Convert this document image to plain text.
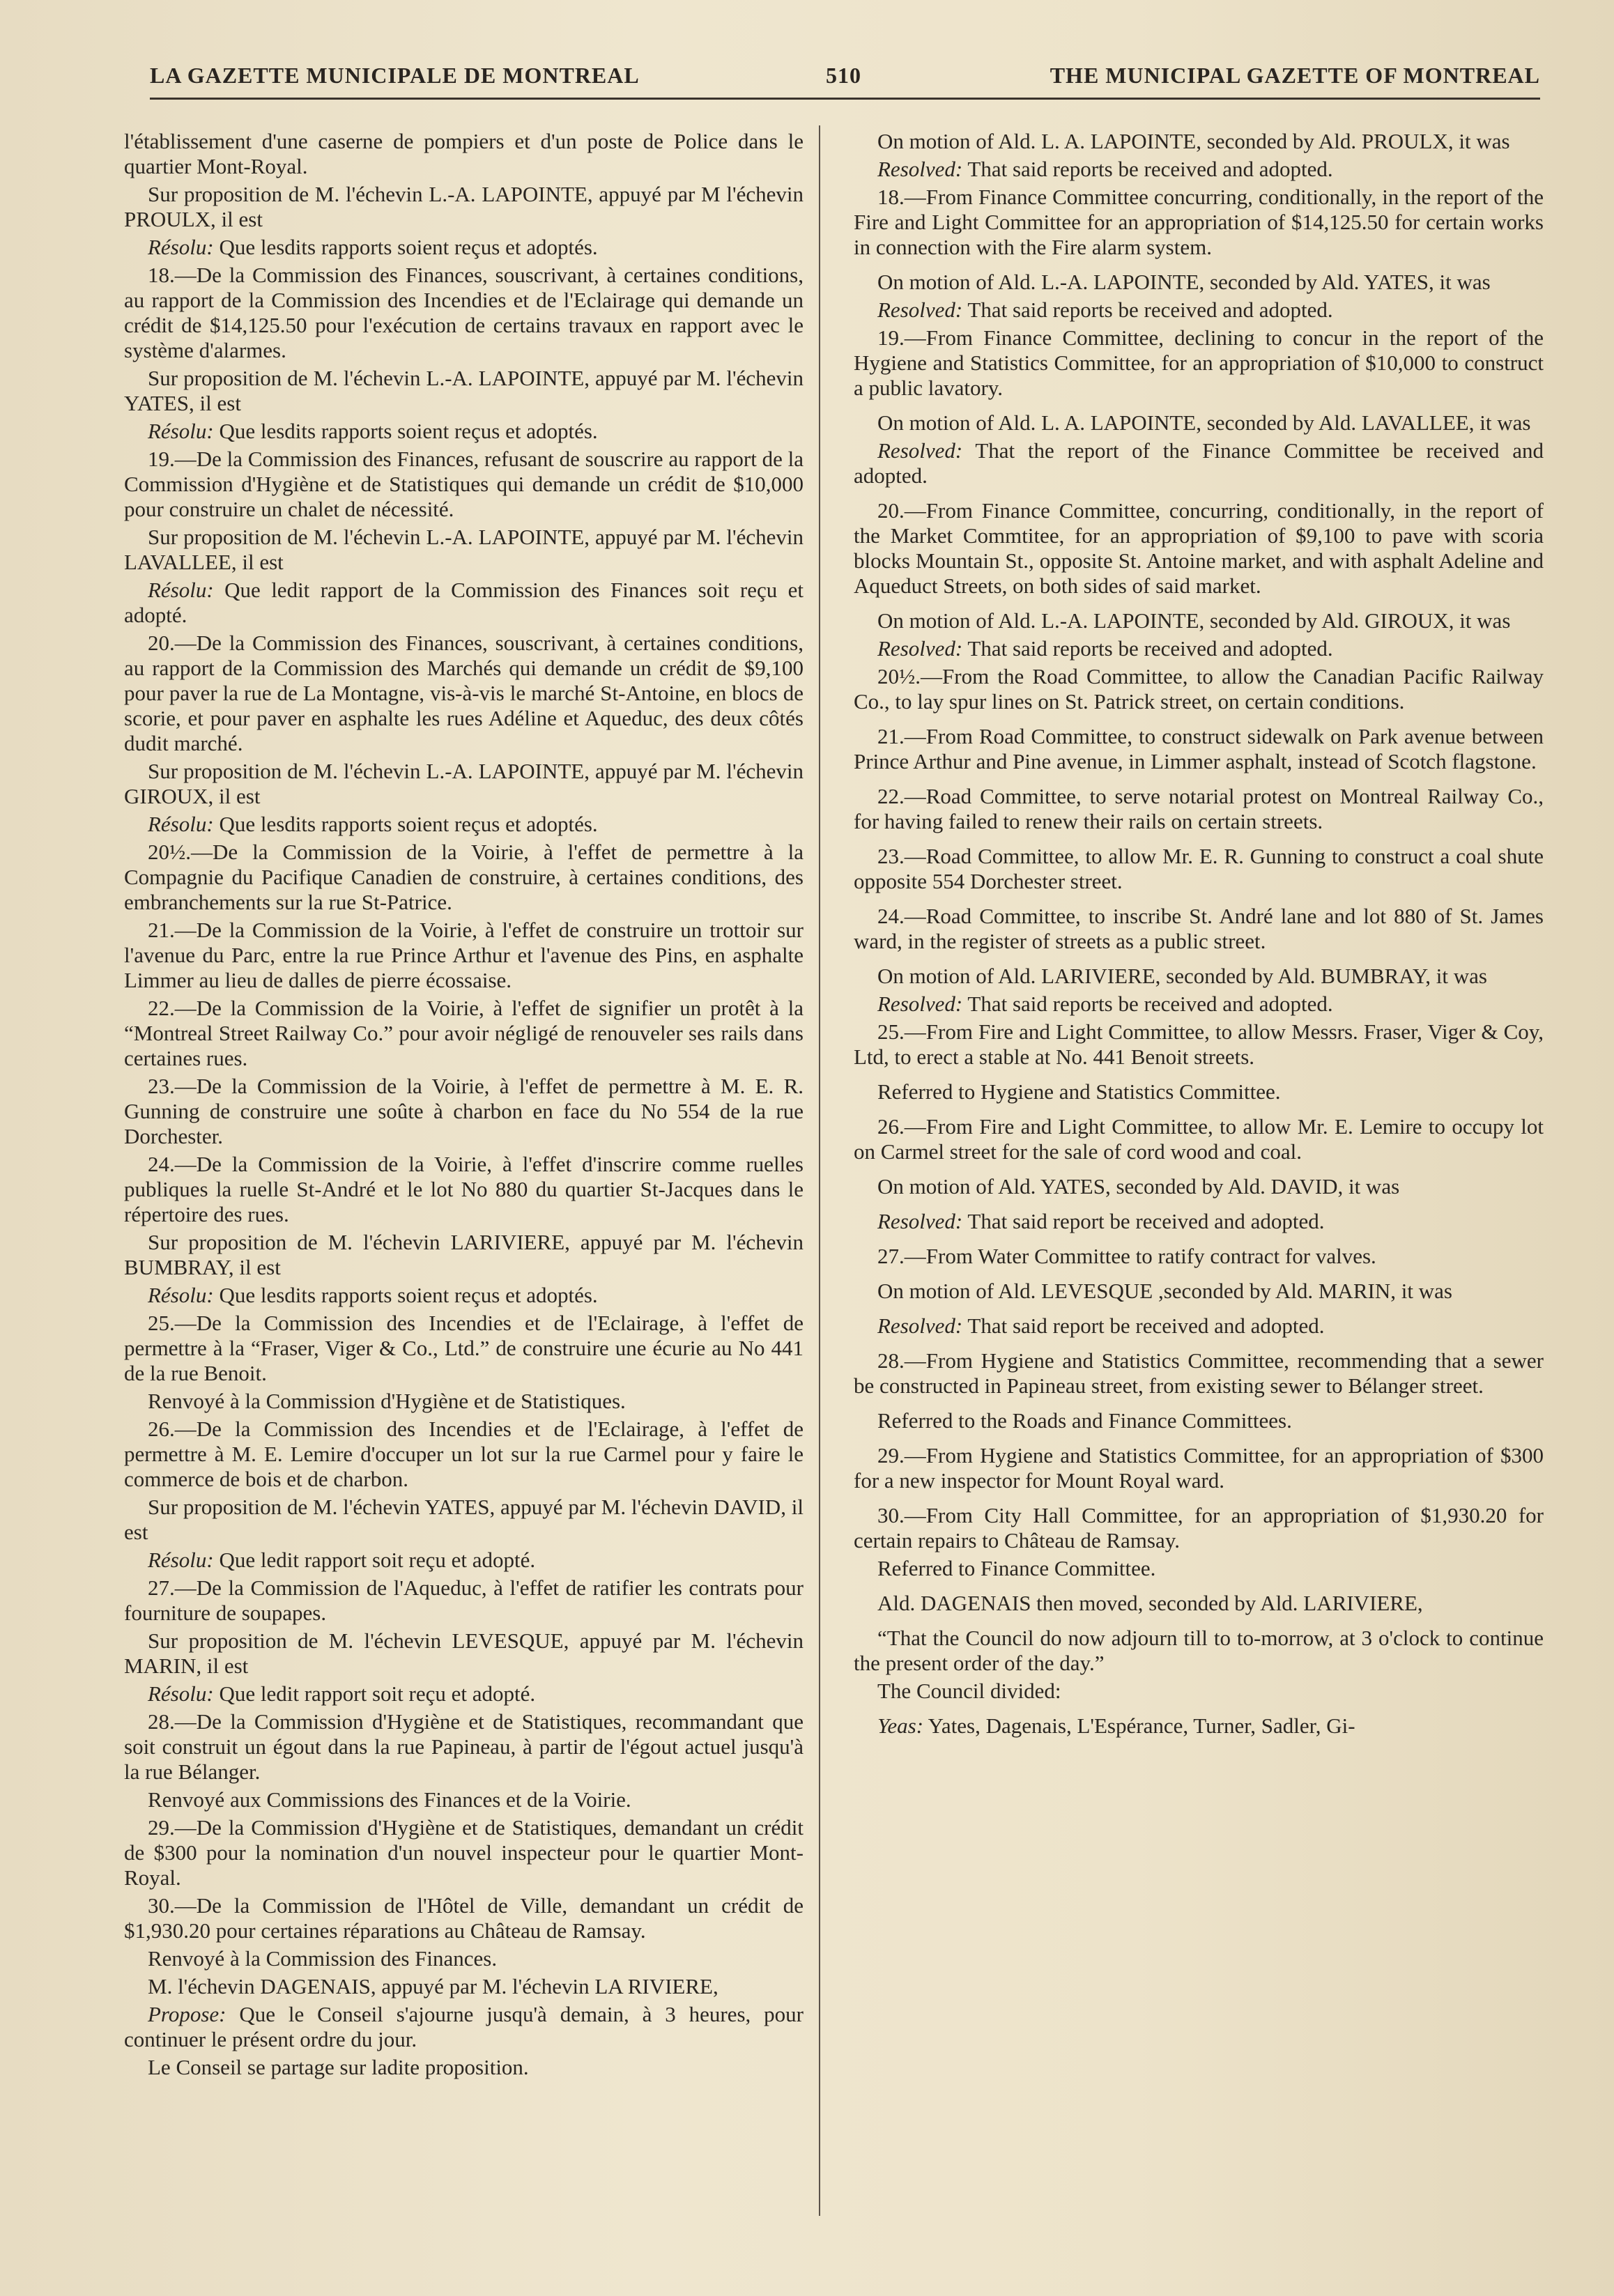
LA GAZETTE MUNICIPALE DE MONTREAL	510	THE MUNICIPAL GAZETTE OF MONTREAL

l'établissement d'une caserne de pompiers et d'un poste de Police dans le quartier Mont-Royal.

Sur proposition de M. l'échevin L.-A. LAPOINTE, appuyé par M l'échevin PROULX, il est

Résolu: Que lesdits rapports soient reçus et adoptés.

18.—De la Commission des Finances, souscrivant, à certaines conditions, au rapport de la Commission des Incendies et de l'Eclairage qui demande un crédit de $14,125.50 pour l'exécution de certains travaux en rapport avec le système d'alarmes.

Sur proposition de M. l'échevin L.-A. LAPOINTE, appuyé par M. l'échevin YATES, il est

Résolu: Que lesdits rapports soient reçus et adoptés.

19.—De la Commission des Finances, refusant de souscrire au rapport de la Commission d'Hygiène et de Statistiques qui demande un crédit de $10,000 pour construire un chalet de nécessité.

Sur proposition de M. l'échevin L.-A. LAPOINTE, appuyé par M. l'échevin LAVALLEE, il est

Résolu: Que ledit rapport de la Commission des Finances soit reçu et adopté.

20.—De la Commission des Finances, souscrivant, à certaines conditions, au rapport de la Commission des Marchés qui demande un crédit de $9,100 pour paver la rue de La Montagne, vis-à-vis le marché St-Antoine, en blocs de scorie, et pour paver en asphalte les rues Adéline et Aqueduc, des deux côtés dudit marché.

Sur proposition de M. l'échevin L.-A. LAPOINTE, appuyé par M. l'échevin GIROUX, il est

Résolu: Que lesdits rapports soient reçus et adoptés.

20½.—De la Commission de la Voirie, à l'effet de permettre à la Compagnie du Pacifique Canadien de construire, à certaines conditions, des embranchements sur la rue St-Patrice.

21.—De la Commission de la Voirie, à l'effet de construire un trottoir sur l'avenue du Parc, entre la rue Prince Arthur et l'avenue des Pins, en asphalte Limmer au lieu de dalles de pierre écossaise.

22.—De la Commission de la Voirie, à l'effet de signifier un protêt à la “Montreal Street Railway Co.” pour avoir négligé de renouveler ses rails dans certaines rues.

23.—De la Commission de la Voirie, à l'effet de permettre à M. E. R. Gunning de construire une soûte à charbon en face du No 554 de la rue Dorchester.

24.—De la Commission de la Voirie, à l'effet d'inscrire comme ruelles publiques la ruelle St-André et le lot No 880 du quartier St-Jacques dans le répertoire des rues.

Sur proposition de M. l'échevin LARIVIERE, appuyé par M. l'échevin BUMBRAY, il est

Résolu: Que lesdits rapports soient reçus et adoptés.

25.—De la Commission des Incendies et de l'Eclairage, à l'effet de permettre à la “Fraser, Viger & Co., Ltd.” de construire une écurie au No 441 de la rue Benoit.

Renvoyé à la Commission d'Hygiène et de Statistiques.

26.—De la Commission des Incendies et de l'Eclairage, à l'effet de permettre à M. E. Lemire d'occuper un lot sur la rue Carmel pour y faire le commerce de bois et de charbon.

Sur proposition de M. l'échevin YATES, appuyé par M. l'échevin DAVID, il est

Résolu: Que ledit rapport soit reçu et adopté.

27.—De la Commission de l'Aqueduc, à l'effet de ratifier les contrats pour fourniture de soupapes.

Sur proposition de M. l'échevin LEVESQUE, appuyé par M. l'échevin MARIN, il est

Résolu: Que ledit rapport soit reçu et adopté.

28.—De la Commission d'Hygiène et de Statistiques, recommandant que soit construit un égout dans la rue Papineau, à partir de l'égout actuel jusqu'à la rue Bélanger.

Renvoyé aux Commissions des Finances et de la Voirie.

29.—De la Commission d'Hygiène et de Statistiques, demandant un crédit de $300 pour la nomination d'un nouvel inspecteur pour le quartier Mont-Royal.

30.—De la Commission de l'Hôtel de Ville, demandant un crédit de $1,930.20 pour certaines réparations au Château de Ramsay.

Renvoyé à la Commission des Finances.

M. l'échevin DAGENAIS, appuyé par M. l'échevin LA RIVIERE,

Propose: Que le Conseil s'ajourne jusqu'à demain, à 3 heures, pour continuer le présent ordre du jour.

Le Conseil se partage sur ladite proposition.

On motion of Ald. L. A. LAPOINTE, seconded by Ald. PROULX, it was

Resolved: That said reports be received and adopted.

18.—From Finance Committee concurring, conditionally, in the report of the Fire and Light Committee for an appropriation of $14,125.50 for certain works in connection with the Fire alarm system.

On motion of Ald. L.-A. LAPOINTE, seconded by Ald. YATES, it was

Resolved: That said reports be received and adopted.

19.—From Finance Committee, declining to concur in the report of the Hygiene and Statistics Committee, for an appropriation of $10,000 to construct a public lavatory.

On motion of Ald. L. A. LAPOINTE, seconded by Ald. LAVALLEE, it was

Resolved: That the report of the Finance Committee be received and adopted.

20.—From Finance Committee, concurring, conditionally, in the report of the Market Commtitee, for an appropriation of $9,100 to pave with scoria blocks Mountain St., opposite St. Antoine market, and with asphalt Adeline and Aqueduct Streets, on both sides of said market.

On motion of Ald. L.-A. LAPOINTE, seconded by Ald. GIROUX, it was

Resolved: That said reports be received and adopted.

20½.—From the Road Committee, to allow the Canadian Pacific Railway Co., to lay spur lines on St. Patrick street, on certain conditions.

21.—From Road Committee, to construct sidewalk on Park avenue between Prince Arthur and Pine avenue, in Limmer asphalt, instead of Scotch flagstone.

22.—Road Committee, to serve notarial protest on Montreal Railway Co., for having failed to renew their rails on certain streets.

23.—Road Committee, to allow Mr. E. R. Gunning to construct a coal shute opposite 554 Dorchester street.

24.—Road Committee, to inscribe St. André lane and lot 880 of St. James ward, in the register of streets as a public street.

On motion of Ald. LARIVIERE, seconded by Ald. BUMBRAY, it was

Resolved: That said reports be received and adopted.

25.—From Fire and Light Committee, to allow Messrs. Fraser, Viger & Coy, Ltd, to erect a stable at No. 441 Benoit streets.

Referred to Hygiene and Statistics Committee.

26.—From Fire and Light Committee, to allow Mr. E. Lemire to occupy lot on Carmel street for the sale of cord wood and coal.

On motion of Ald. YATES, seconded by Ald. DAVID, it was

Resolved: That said report be received and adopted.

27.—From Water Committee to ratify contract for valves.

On motion of Ald. LEVESQUE ,seconded by Ald. MARIN, it was

Resolved: That said report be received and adopted.

28.—From Hygiene and Statistics Committee, recommending that a sewer be constructed in Papineau street, from existing sewer to Bélanger street.

Referred to the Roads and Finance Committees.

29.—From Hygiene and Statistics Committee, for an appropriation of $300 for a new inspector for Mount Royal ward.

30.—From City Hall Committee, for an appropriation of $1,930.20 for certain repairs to Château de Ramsay.

Referred to Finance Committee.

Ald. DAGENAIS then moved, seconded by Ald. LARIVIERE,

“That the Council do now adjourn till to to-morrow, at 3 o'clock to continue the present order of the day.”

The Council divided:

Yeas: Yates, Dagenais, L'Espérance, Turner, Sadler, Gi-
